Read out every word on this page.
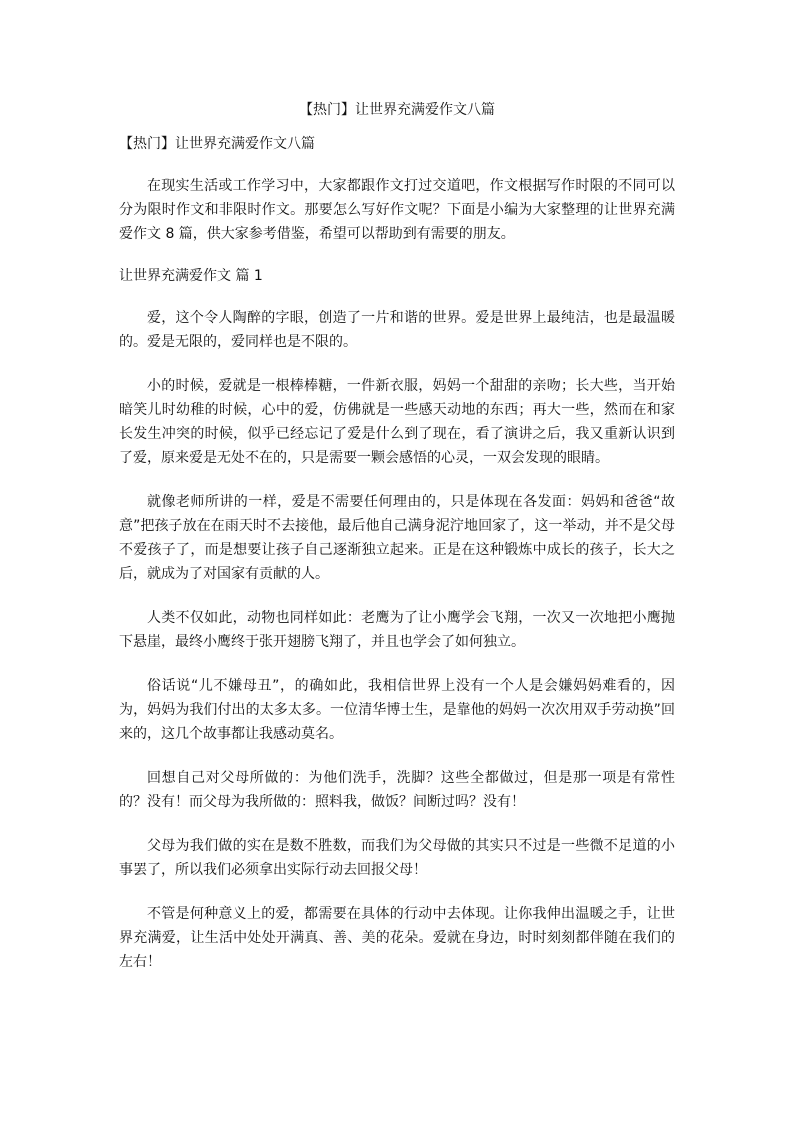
【热门】让世界充满爱作文八篇
【热门】让世界充满爱作文八篇

在现实生活或工作学习中，大家都跟作文打过交道吧，作文根据写作时限的不同可以分为限时作文和非限时作文。那要怎么写好作文呢？下面是小编为大家整理的让世界充满爱作文 8 篇，供大家参考借鉴，希望可以帮助到有需要的朋友。

让世界充满爱作文 篇 1

爱，这个令人陶醉的字眼，创造了一片和谐的世界。爱是世界上最纯洁，也是最温暖的。爱是无限的，爱同样也是不限的。

小的时候，爱就是一根棒棒糖，一件新衣服，妈妈一个甜甜的亲吻；长大些，当开始暗笑儿时幼稚的时候，心中的爱，仿佛就是一些感天动地的东西；再大一些，然而在和家长发生冲突的时候，似乎已经忘记了爱是什么到了现在，看了演讲之后，我又重新认识到了爱，原来爱是无处不在的，只是需要一颗会感悟的心灵，一双会发现的眼睛。

就像老师所讲的一样，爱是不需要任何理由的，只是体现在各发面：妈妈和爸爸“故意”把孩子放在在雨天时不去接他，最后他自己满身泥泞地回家了，这一举动，并不是父母不爱孩子了，而是想要让孩子自己逐渐独立起来。正是在这种锻炼中成长的孩子，长大之后，就成为了对国家有贡献的人。

人类不仅如此，动物也同样如此：老鹰为了让小鹰学会飞翔，一次又一次地把小鹰抛下悬崖，最终小鹰终于张开翅膀飞翔了，并且也学会了如何独立。

俗话说“儿不嫌母丑”，的确如此，我相信世界上没有一个人是会嫌妈妈难看的，因为，妈妈为我们付出的太多太多。一位清华博士生，是靠他的妈妈一次次用双手劳动换”回来的，这几个故事都让我感动莫名。

回想自己对父母所做的：为他们洗手，洗脚？这些全都做过，但是那一项是有常性的？没有！而父母为我所做的：照料我，做饭？间断过吗？没有！

父母为我们做的实在是数不胜数，而我们为父母做的其实只不过是一些微不足道的小事罢了，所以我们必须拿出实际行动去回报父母！

不管是何种意义上的爱，都需要在具体的行动中去体现。让你我伸出温暖之手，让世界充满爱，让生活中处处开满真、善、美的花朵。爱就在身边，时时刻刻都伴随在我们的左右！
